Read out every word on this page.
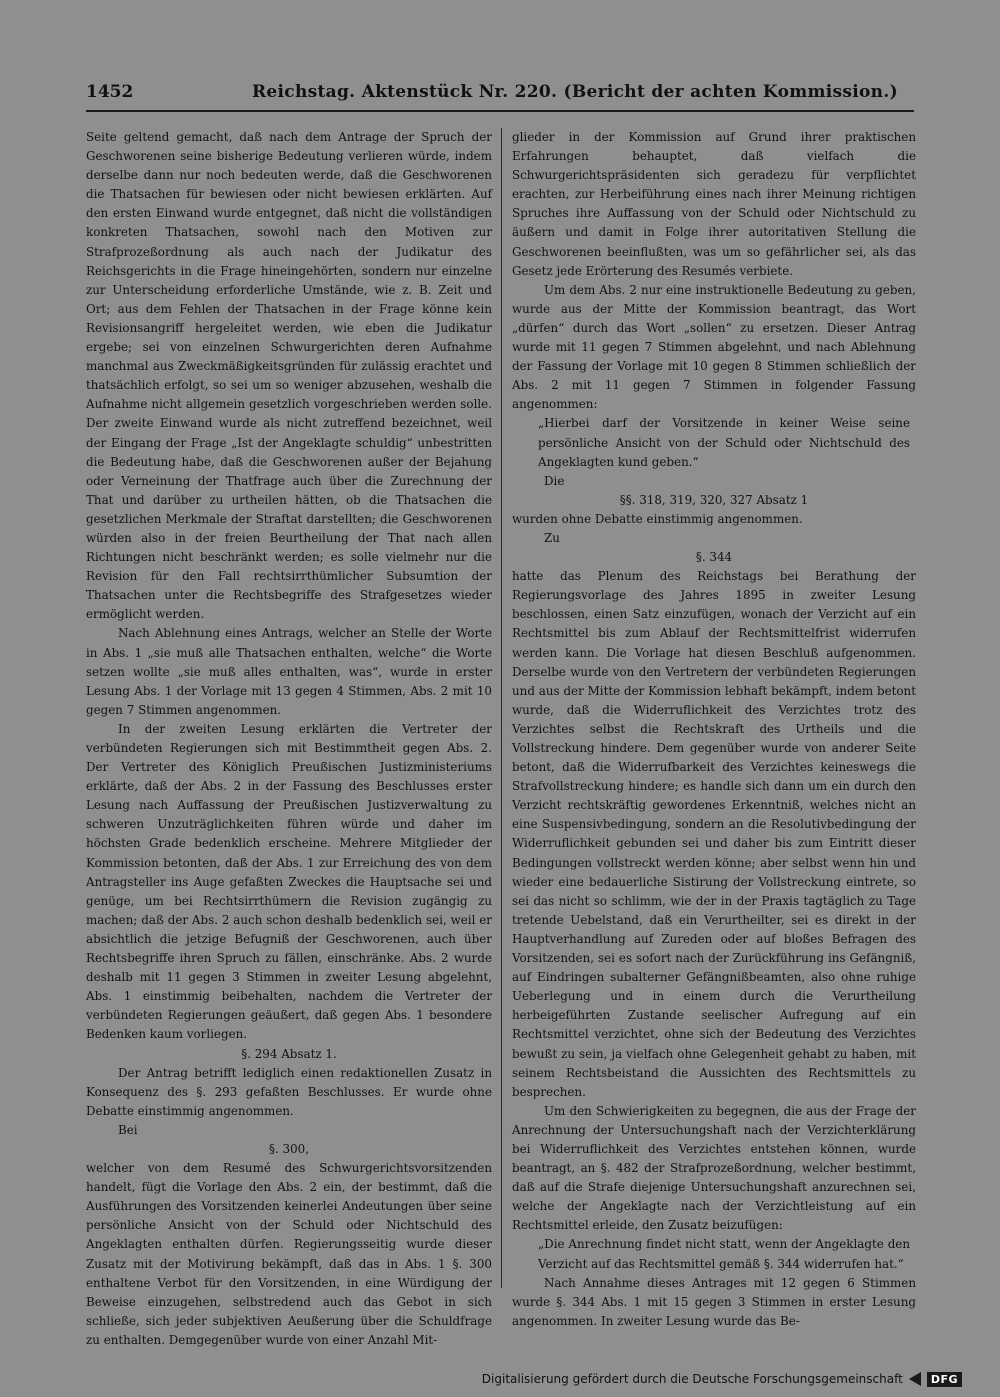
1452	Reichstag. Aktenstück Nr. 220. (Bericht der achten Kommission.)

Seite geltend gemacht, daß nach dem Antrage der Spruch der Geschworenen seine bisherige Bedeutung verlieren würde, indem derselbe dann nur noch bedeuten werde, daß die Geschworenen die Thatsachen für bewiesen oder nicht bewiesen erklärten. Auf den ersten Einwand wurde entgegnet, daß nicht die vollständigen konkreten Thatsachen, sowohl nach den Motiven zur Strafprozeßordnung als auch nach der Judikatur des Reichsgerichts in die Frage hineingehörten, sondern nur einzelne zur Unterscheidung erforderliche Umstände, wie z. B. Zeit und Ort; aus dem Fehlen der Thatsachen in der Frage könne kein Revisionsangriff hergeleitet werden, wie eben die Judikatur ergebe; sei von einzelnen Schwurgerichten deren Aufnahme manchmal aus Zweckmäßigkeitsgründen für zulässig erachtet und thatsächlich erfolgt, so sei um so weniger abzusehen, weshalb die Aufnahme nicht allgemein gesetzlich vorgeschrieben werden solle. Der zweite Einwand wurde als nicht zutreffend bezeichnet, weil der Eingang der Frage „Ist der Angeklagte schuldig“ unbestritten die Bedeutung habe, daß die Geschworenen außer der Bejahung oder Verneinung der Thatfrage auch über die Zurechnung der That und darüber zu urtheilen hätten, ob die Thatsachen die gesetzlichen Merkmale der Straftat darstellten; die Geschworenen würden also in der freien Beurtheilung der That nach allen Richtungen nicht beschränkt werden; es solle vielmehr nur die Revision für den Fall rechtsirrthümlicher Subsumtion der Thatsachen unter die Rechtsbegriffe des Strafgesetzes wieder ermöglicht werden.

Nach Ablehnung eines Antrags, welcher an Stelle der Worte in Abs. 1 „sie muß alle Thatsachen enthalten, welche“ die Worte setzen wollte „sie muß alles enthalten, was“, wurde in erster Lesung Abs. 1 der Vorlage mit 13 gegen 4 Stimmen, Abs. 2 mit 10 gegen 7 Stimmen angenommen.

In der zweiten Lesung erklärten die Vertreter der verbündeten Regierungen sich mit Bestimmtheit gegen Abs. 2. Der Vertreter des Königlich Preußischen Justizministeriums erklärte, daß der Abs. 2 in der Fassung des Beschlusses erster Lesung nach Auffassung der Preußischen Justizverwaltung zu schweren Unzuträglichkeiten führen würde und daher im höchsten Grade bedenklich erscheine. Mehrere Mitglieder der Kommission betonten, daß der Abs. 1 zur Erreichung des von dem Antragsteller ins Auge gefaßten Zweckes die Hauptsache sei und genüge, um bei Rechtsirrthümern die Revision zugängig zu machen; daß der Abs. 2 auch schon deshalb bedenklich sei, weil er absichtlich die jetzige Befugniß der Geschworenen, auch über Rechtsbegriffe ihren Spruch zu fällen, einschränke. Abs. 2 wurde deshalb mit 11 gegen 3 Stimmen in zweiter Lesung abgelehnt, Abs. 1 einstimmig beibehalten, nachdem die Vertreter der verbündeten Regierungen geäußert, daß gegen Abs. 1 besondere Bedenken kaum vorliegen.

§. 294 Absatz 1.

Der Antrag betrifft lediglich einen redaktionellen Zusatz in Konsequenz des §. 293 gefaßten Beschlusses. Er wurde ohne Debatte einstimmig angenommen.

Bei

§. 300,

welcher von dem Resumé des Schwurgerichtsvorsitzenden handelt, fügt die Vorlage den Abs. 2 ein, der bestimmt, daß die Ausführungen des Vorsitzenden keinerlei Andeutungen über seine persönliche Ansicht von der Schuld oder Nichtschuld des Angeklagten enthalten dürfen. Regierungsseitig wurde dieser Zusatz mit der Motivirung bekämpft, daß das in Abs. 1 §. 300 enthaltene Verbot für den Vorsitzenden, in eine Würdigung der Beweise einzugehen, selbstredend auch das Gebot in sich schließe, sich jeder subjektiven Aeußerung über die Schuldfrage zu enthalten. Demgegenüber wurde von einer Anzahl Mit-

glieder in der Kommission auf Grund ihrer praktischen Erfahrungen behauptet, daß vielfach die Schwurgerichtspräsidenten sich geradezu für verpflichtet erachten, zur Herbeiführung eines nach ihrer Meinung richtigen Spruches ihre Auffassung von der Schuld oder Nichtschuld zu äußern und damit in Folge ihrer autoritativen Stellung die Geschworenen beeinflußten, was um so gefährlicher sei, als das Gesetz jede Erörterung des Resumés verbiete.

Um dem Abs. 2 nur eine instruktionelle Bedeutung zu geben, wurde aus der Mitte der Kommission beantragt, das Wort „dürfen“ durch das Wort „sollen“ zu ersetzen. Dieser Antrag wurde mit 11 gegen 7 Stimmen abgelehnt, und nach Ablehnung der Fassung der Vorlage mit 10 gegen 8 Stimmen schließlich der Abs. 2 mit 11 gegen 7 Stimmen in folgender Fassung angenommen:

„Hierbei darf der Vorsitzende in keiner Weise seine persönliche Ansicht von der Schuld oder Nichtschuld des Angeklagten kund geben.“

Die

§§. 318, 319, 320, 327 Absatz 1

wurden ohne Debatte einstimmig angenommen.

Zu

§. 344

hatte das Plenum des Reichstags bei Berathung der Regierungsvorlage des Jahres 1895 in zweiter Lesung beschlossen, einen Satz einzufügen, wonach der Verzicht auf ein Rechtsmittel bis zum Ablauf der Rechtsmittelfrist widerrufen werden kann. Die Vorlage hat diesen Beschluß aufgenommen. Derselbe wurde von den Vertretern der verbündeten Regierungen und aus der Mitte der Kommission lebhaft bekämpft, indem betont wurde, daß die Widerruflichkeit des Verzichtes trotz des Verzichtes selbst die Rechtskraft des Urtheils und die Vollstreckung hindere. Dem gegenüber wurde von anderer Seite betont, daß die Widerrufbarkeit des Verzichtes keineswegs die Strafvollstreckung hindere; es handle sich dann um ein durch den Verzicht rechtskräftig gewordenes Erkenntniß, welches nicht an eine Suspensivbedingung, sondern an die Resolutivbedingung der Widerruflichkeit gebunden sei und daher bis zum Eintritt dieser Bedingungen vollstreckt werden könne; aber selbst wenn hin und wieder eine bedauerliche Sistirung der Vollstreckung eintrete, so sei das nicht so schlimm, wie der in der Praxis tagtäglich zu Tage tretende Uebelstand, daß ein Verurtheilter, sei es direkt in der Hauptverhandlung auf Zureden oder auf bloßes Befragen des Vorsitzenden, sei es sofort nach der Zurückführung ins Gefängniß, auf Eindringen subalterner Gefängnißbeamten, also ohne ruhige Ueberlegung und in einem durch die Verurtheilung herbeigeführten Zustande seelischer Aufregung auf ein Rechtsmittel verzichtet, ohne sich der Bedeutung des Verzichtes bewußt zu sein, ja vielfach ohne Gelegenheit gehabt zu haben, mit seinem Rechtsbeistand die Aussichten des Rechtsmittels zu besprechen.

Um den Schwierigkeiten zu begegnen, die aus der Frage der Anrechnung der Untersuchungshaft nach der Verzichterklärung bei Widerruflichkeit des Verzichtes entstehen können, wurde beantragt, an §. 482 der Strafprozeßordnung, welcher bestimmt, daß auf die Strafe diejenige Untersuchungshaft anzurechnen sei, welche der Angeklagte nach der Verzichtleistung auf ein Rechtsmittel erleide, den Zusatz beizufügen:

„Die Anrechnung findet nicht statt, wenn der Angeklagte den Verzicht auf das Rechtsmittel gemäß §. 344 widerrufen hat.“

Nach Annahme dieses Antrages mit 12 gegen 6 Stimmen wurde §. 344 Abs. 1 mit 15 gegen 3 Stimmen in erster Lesung angenommen. In zweiter Lesung wurde das Be-

Digitalisierung gefördert durch die Deutsche Forschungsgemeinschaft	DFG
